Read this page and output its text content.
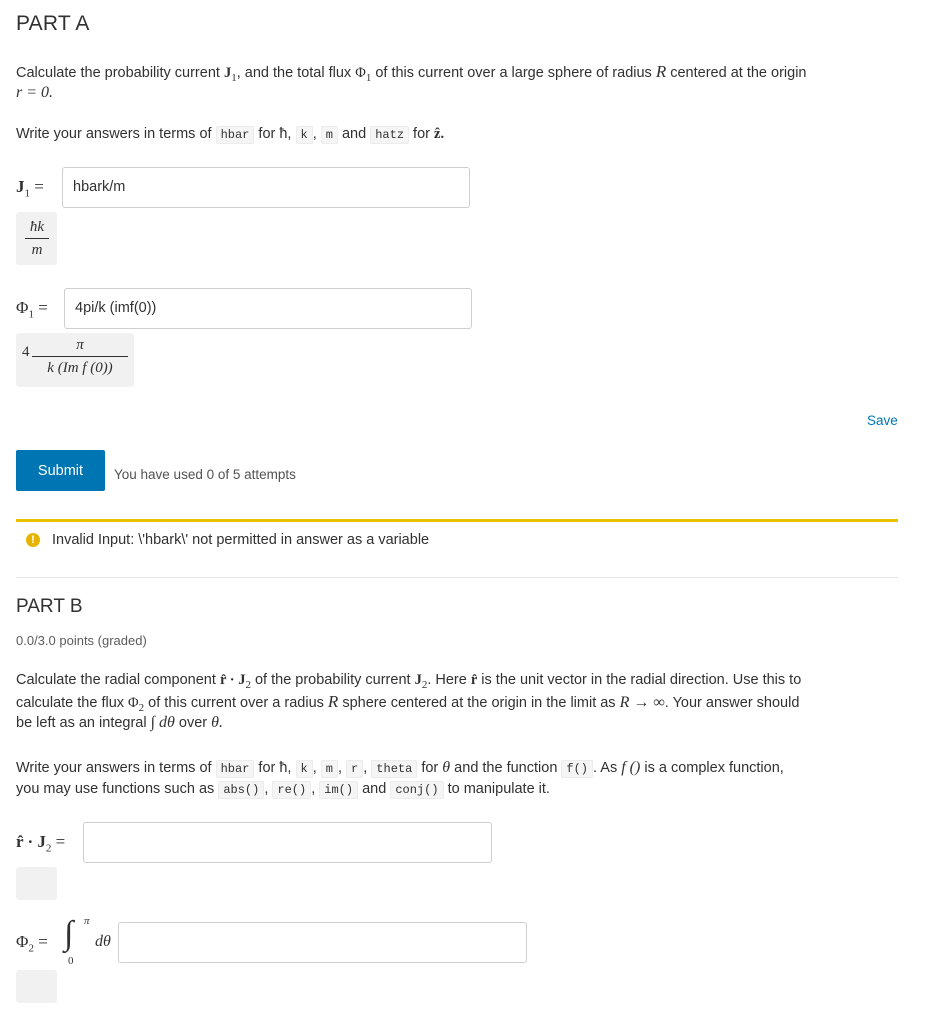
PART A
Calculate the probability current $J_1$, and the total flux $\Phi_1$ of this current over a large sphere of radius R centered at the origin
r = 0.
Write your answers in terms of hbar for ħ, k , m and hatz for ẑ.
$J_1$ =	hbark/m
ħk
m
$\Phi_1$ =	4pi/k (imf(0))
4	π
k (Im f (0))
Save
Submit	You have used 0 of 5 attempts
!	Invalid Input: \'hbark\' not permitted in answer as a variable
PART B
0.0/3.0 points (graded)
Calculate the radial component r̂ · $J_2$ of the probability current $J_2$. Here r̂ is the unit vector in the radial direction. Use this to
calculate the flux $\Phi_2$ of this current over a radius R sphere centered at the origin in the limit as R → ∞. Your answer should
be left as an integral ∫ dθ over θ.
Write your answers in terms of hbar for ħ, k , m , r , theta for θ and the function f() . As f () is a complex function,
you may use functions such as abs() , re() , im() and conj() to manipulate it.
r̂ · $J_2$ =
$\Phi_2$ = ∫ π
0
dθ
